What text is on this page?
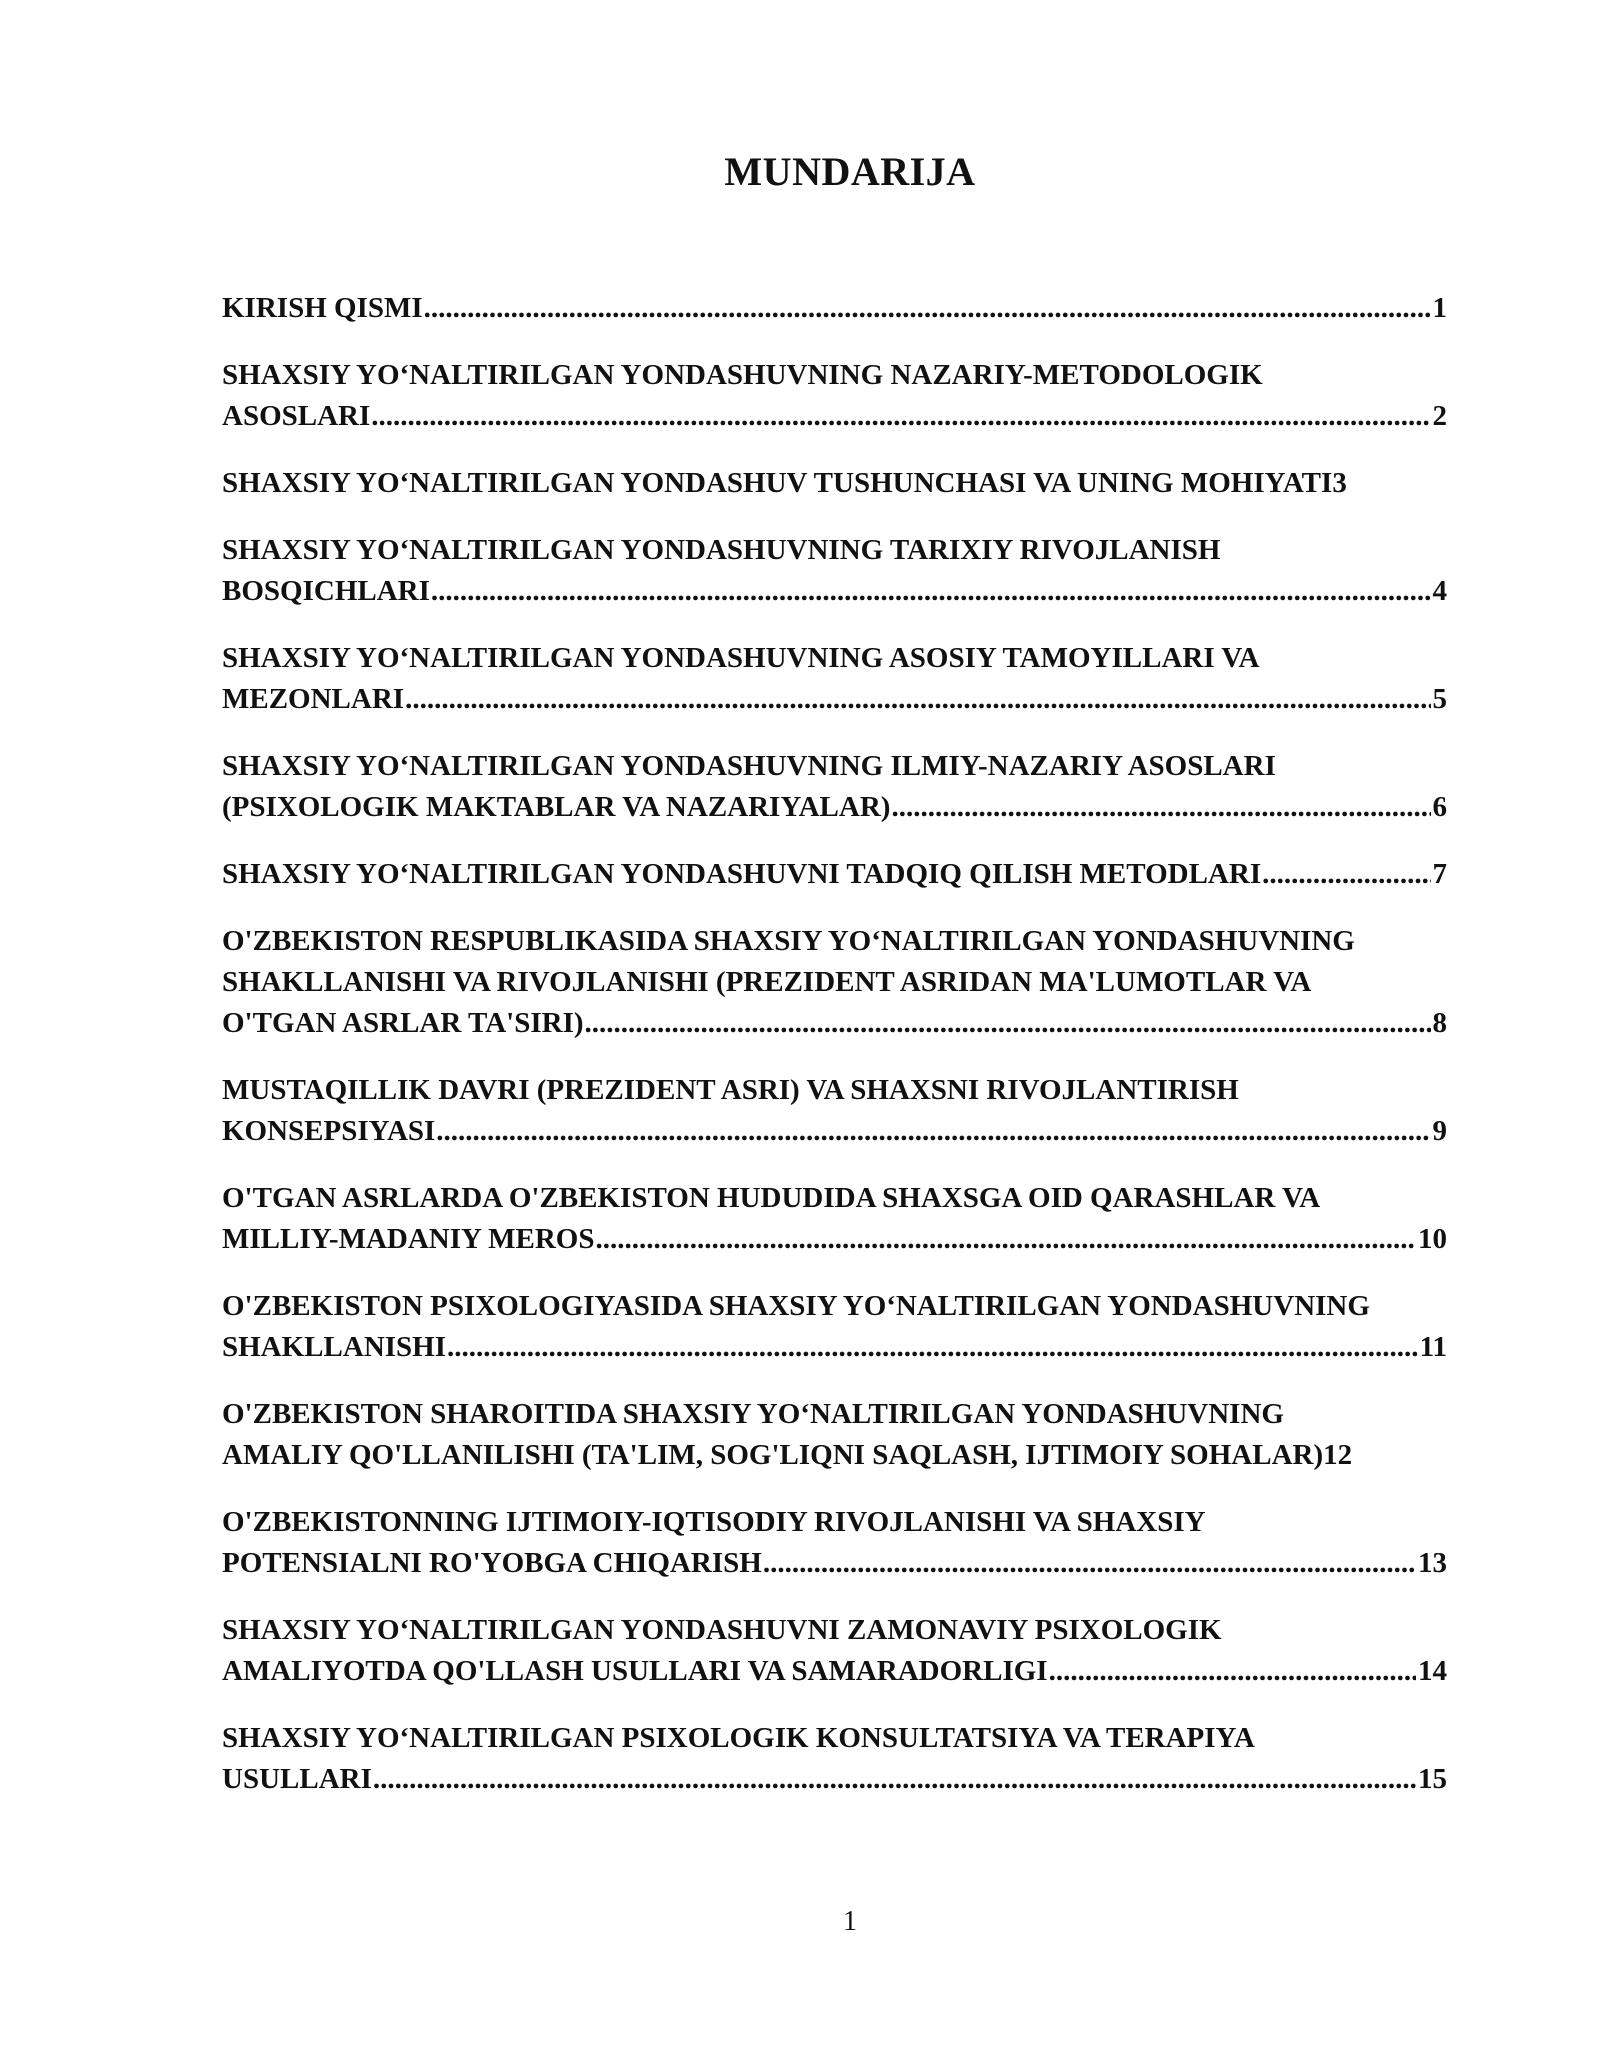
MUNDARIJA
KIRISH QISMI .....	1
SHAXSIY YO‘NALTIRILGAN YONDASHUVNING NAZARIY-METODOLOGIK
ASOSLARI .....	2
SHAXSIY YO‘NALTIRILGAN YONDASHUV TUSHUNCHASI VA UNING MOHIYATI 3
SHAXSIY YO‘NALTIRILGAN YONDASHUVNING TARIXIY RIVOJLANISH
BOSQICHLARI .....	4
SHAXSIY YO‘NALTIRILGAN YONDASHUVNING ASOSIY TAMOYILLARI VA
MEZONLARI .....	5
SHAXSIY YO‘NALTIRILGAN YONDASHUVNING ILMIY-NAZARIY ASOSLARI
(PSIXOLOGIK MAKTABLAR VA NAZARIYALAR) .....	6
SHAXSIY YO‘NALTIRILGAN YONDASHUVNI TADQIQ QILISH METODLARI .....	7
O'ZBEKISTON RESPUBLIKASIDA SHAXSIY YO‘NALTIRILGAN YONDASHUVNING
SHAKLLANISHI VA RIVOJLANISHI (PREZIDENT ASRIDAN MA'LUMOTLAR VA
O'TGAN ASRLAR TA'SIRI) .....	8
MUSTAQILLIK DAVRI (PREZIDENT ASRI) VA SHAXSNI RIVOJLANTIRISH
KONSEPSIYASI .....	9
O'TGAN ASRLARDA O'ZBEKISTON HUDUDIDA SHAXSGA OID QARASHLAR VA
MILLIY-MADANIY MEROS .....	10
O'ZBEKISTON PSIXOLOGIYASIDA SHAXSIY YO‘NALTIRILGAN YONDASHUVNING
SHAKLLANISHI .....	11
O'ZBEKISTON SHAROITIDA SHAXSIY YO‘NALTIRILGAN YONDASHUVNING
AMALIY QO'LLANILISHI (TA'LIM, SOG'LIQNI SAQLASH, IJTIMOIY SOHALAR) 12
O'ZBEKISTONNING IJTIMOIY-IQTISODIY RIVOJLANISHI VA SHAXSIY
POTENSIALNI RO'YOBGA CHIQARISH .....	13
SHAXSIY YO‘NALTIRILGAN YONDASHUVNI ZAMONAVIY PSIXOLOGIK
AMALIYOTDA QO'LLASH USULLARI VA SAMARADORLIGI .....	14
SHAXSIY YO‘NALTIRILGAN PSIXOLOGIK KONSULTATSIYA VA TERAPIYA
USULLARI .....	15
1
